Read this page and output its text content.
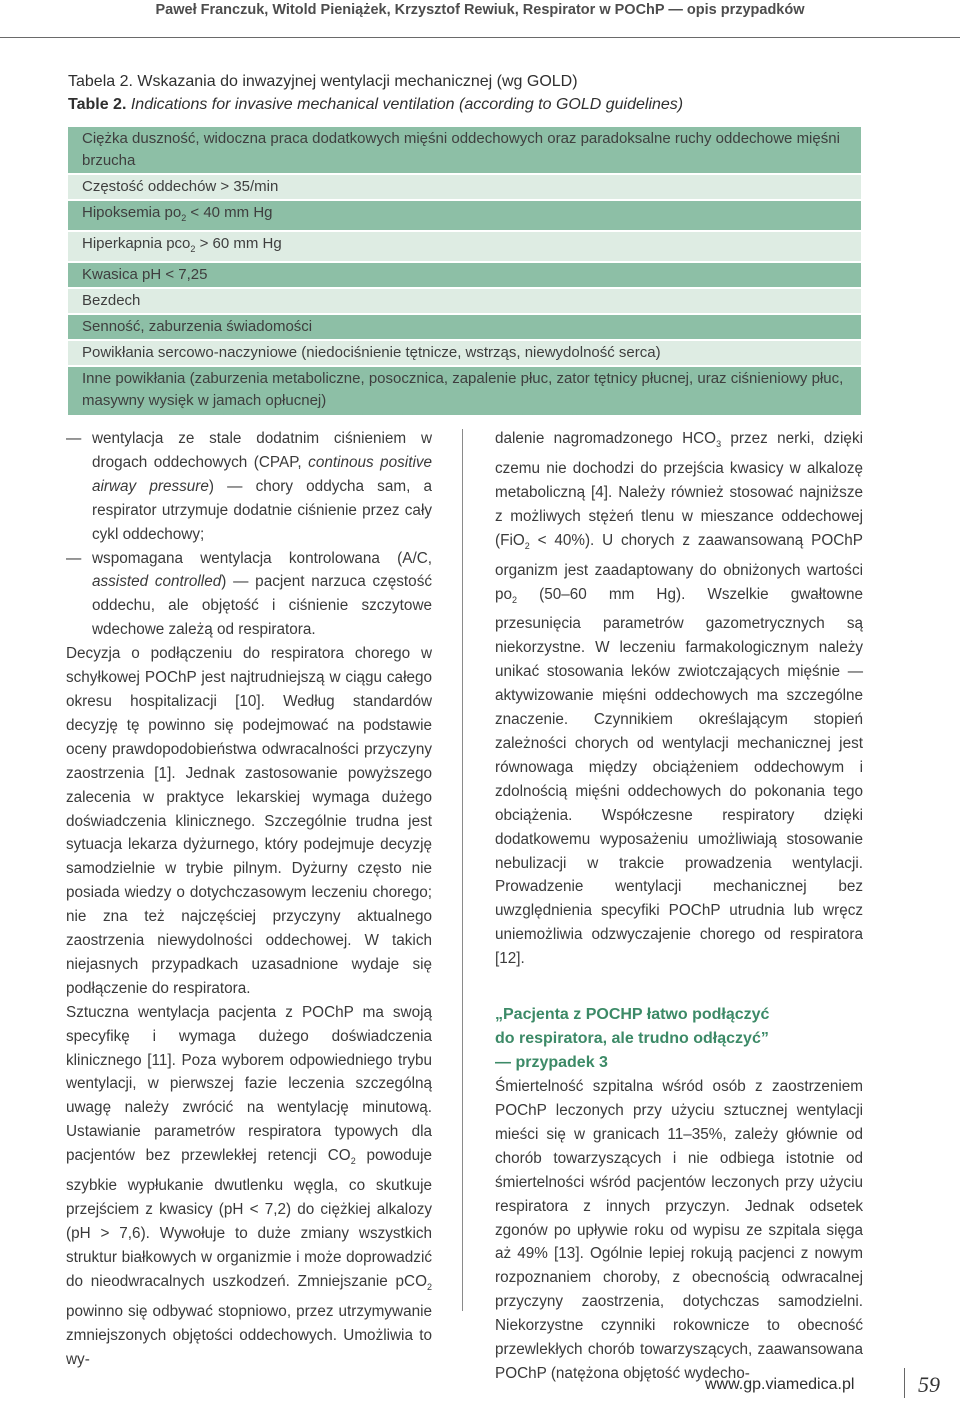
Paweł Franczuk, Witold Pieniążek, Krzysztof Rewiuk, Respirator w POChP — opis przypadków
Tabela 2. Wskazania do inwazyjnej wentylacji mechanicznej (wg GOLD)
Table 2. Indications for invasive mechanical ventilation (according to GOLD guidelines)
Ciężka duszność, widoczna praca dodatkowych mięśni oddechowych oraz paradoksalne ruchy oddechowe mięśni brzucha
Częstość oddechów > 35/min
Hipoksemia $po_2 < 40$ mm Hg
Hiperkapnia pco$_2$ > 60 mm Hg
Kwasica pH < 7,25
Bezdech
Senność, zaburzenia świadomości
Powikłania sercowo-naczyniowe (niedociśnienie tętnicze, wstrząs, niewydolność serca)
Inne powikłania (zaburzenia metaboliczne, posocznica, zapalenie płuc, zator tętnicy płucnej, uraz ciśnieniowy płuc, masywny wysięk w jamach opłucnej)
— wentylacja ze stale dodatnim ciśnieniem w drogach oddechowych (CPAP, continous positive airway pressure) — chory oddycha sam, a respirator utrzymuje dodatnie ciśnienie przez cały cykl oddechowy;
— wspomagana wentylacja kontrolowana (A/C, assisted controlled) — pacjent narzuca częstość oddechu, ale objętość i ciśnienie szczytowe wdechowe zależą od respiratora.

Decyzja o podłączeniu do respiratora chorego w schyłkowej POChP jest najtrudniejszą w ciągu całego okresu hospitalizacji [10]. Według standardów decyzję tę powinno się podejmować na podstawie oceny prawdopodobieństwa odwracalności przyczyny zaostrzenia [1]. Jednak zastosowanie powyższego zalecenia w praktyce lekarskiej wymaga dużego doświadczenia klinicznego. Szczególnie trudna jest sytuacja lekarza dyżurnego, który podejmuje decyzję samodzielnie w trybie pilnym. Dyżurny często nie posiada wiedzy o dotychczasowym leczeniu chorego; nie zna też najczęściej przyczyny aktualnego zaostrzenia niewydolności oddechowej. W takich niejasnych przypadkach uzasadnione wydaje się podłączenie do respiratora.

Sztuczna wentylacja pacjenta z POChP ma swoją specyfikę i wymaga dużego doświadczenia klinicznego [11]. Poza wyborem odpowiedniego trybu wentylacji, w pierwszej fazie leczenia szczególną uwagę należy zwrócić na wentylację minutową. Ustawianie parametrów respiratora typowych dla pacjentów bez przewlekłej retencji $CO_2$ powoduje szybkie wypłukanie dwutlenku węgla, co skutkuje przejściem z kwasicy (pH < 7,2) do ciężkiej alkalozy (pH > 7,6). Wywołuje to duże zmiany wszystkich struktur białkowych w organizmie i może doprowadzić do nieodwracalnych uszkodzeń. Zmniejszanie pCO$_2$ powinno się odbywać stopniowo, przez utrzymywanie zmniejszonych objętości oddechowych. Umożliwia to wy-

dalenie nagromadzonego $HCO_3$ przez nerki, dzięki czemu nie dochodzi do przejścia kwasicy w alkalozę metaboliczną [4]. Należy również stosować najniższe z możliwych stężeń tlenu w mieszance oddechowej (FiO$_2$ < 40%). U chorych z zaawansowaną POChP organizm jest zaadaptowany do obniżonych wartości $po_2$ (50–60 mm Hg). Wszelkie gwałtowne przesunięcia parametrów gazometrycznych są niekorzystne. W leczeniu farmakologicznym należy unikać stosowania leków zwiotczających mięśnie — aktywizowanie mięśni oddechowych ma szczególne znaczenie. Czynnikiem określającym stopień zależności chorych od wentylacji mechanicznej jest równowaga między obciążeniem oddechowym i zdolnością mięśni oddechowych do pokonania tego obciążenia. Współczesne respiratory dzięki dodatkowemu wyposażeniu umożliwiają stosowanie nebulizacji w trakcie prowadzenia wentylacji. Prowadzenie wentylacji mechanicznej bez uwzględnienia specyfiki POChP utrudnia lub wręcz uniemożliwia odzwyczajenie chorego od respiratora [12].

„Pacjenta z POCHP łatwo podłączyć
do respiratora, ale trudno odłączyć”
— przypadek 3

Śmiertelność szpitalna wśród osób z zaostrzeniem POChP leczonych przy użyciu sztucznej wentylacji mieści się w granicach 11–35%, zależy głównie od chorób towarzyszących i nie odbiega istotnie od śmiertelności wśród pacjentów leczonych przy użyciu respiratora z innych przyczyn. Jednak odsetek zgonów po upływie roku od wypisu ze szpitala sięga aż 49% [13]. Ogólnie lepiej rokują pacjenci z nowym rozpoznaniem choroby, z obecnością odwracalnej przyczyny zaostrzenia, dotychczas samodzielni. Niekorzystne czynniki rokownicze to obecność przewlekłych chorób towarzyszących, zaawansowana POChP (natężona objętość wydecho-

www.gp.viamedica.pl	59
